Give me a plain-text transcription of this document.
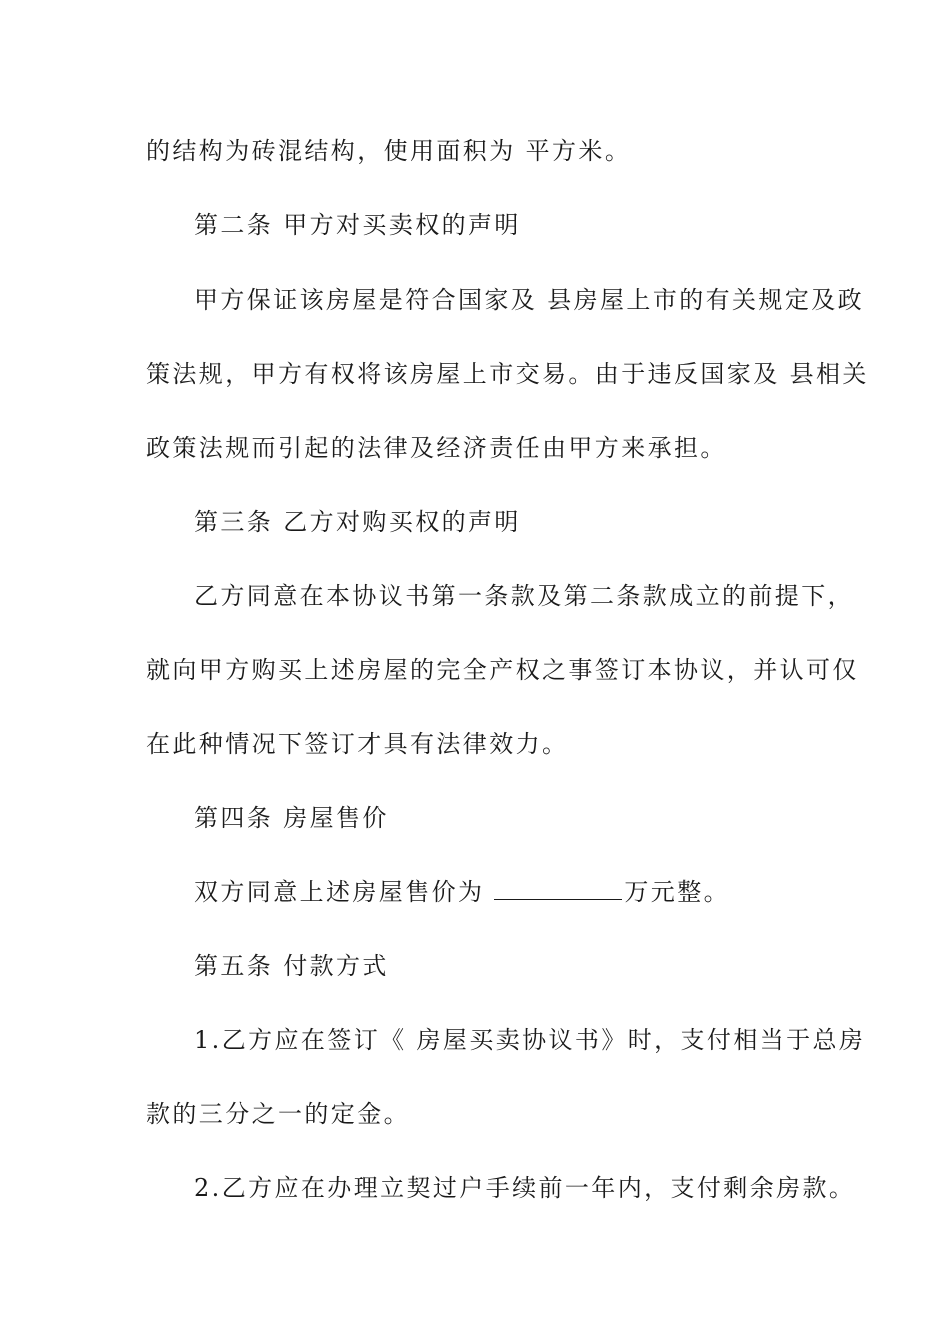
的结构为砖混结构，使用面积为 平方米。
第二条 甲方对买卖权的声明
甲方保证该房屋是符合国家及 县房屋上市的有关规定及政
策法规，甲方有权将该房屋上市交易。由于违反国家及 县相关
政策法规而引起的法律及经济责任由甲方来承担。
第三条 乙方对购买权的声明
乙方同意在本协议书第一条款及第二条款成立的前提下，
就向甲方购买上述房屋的完全产权之事签订本协议，并认可仅
在此种情况下签订才具有法律效力。
第四条 房屋售价
双方同意上述房屋售价为	万元整。
第五条 付款方式
1.乙方应在签订《 房屋买卖协议书》时，支付相当于总房
款的三分之一的定金。
2.乙方应在办理立契过户手续前一年内，支付剩余房款。
